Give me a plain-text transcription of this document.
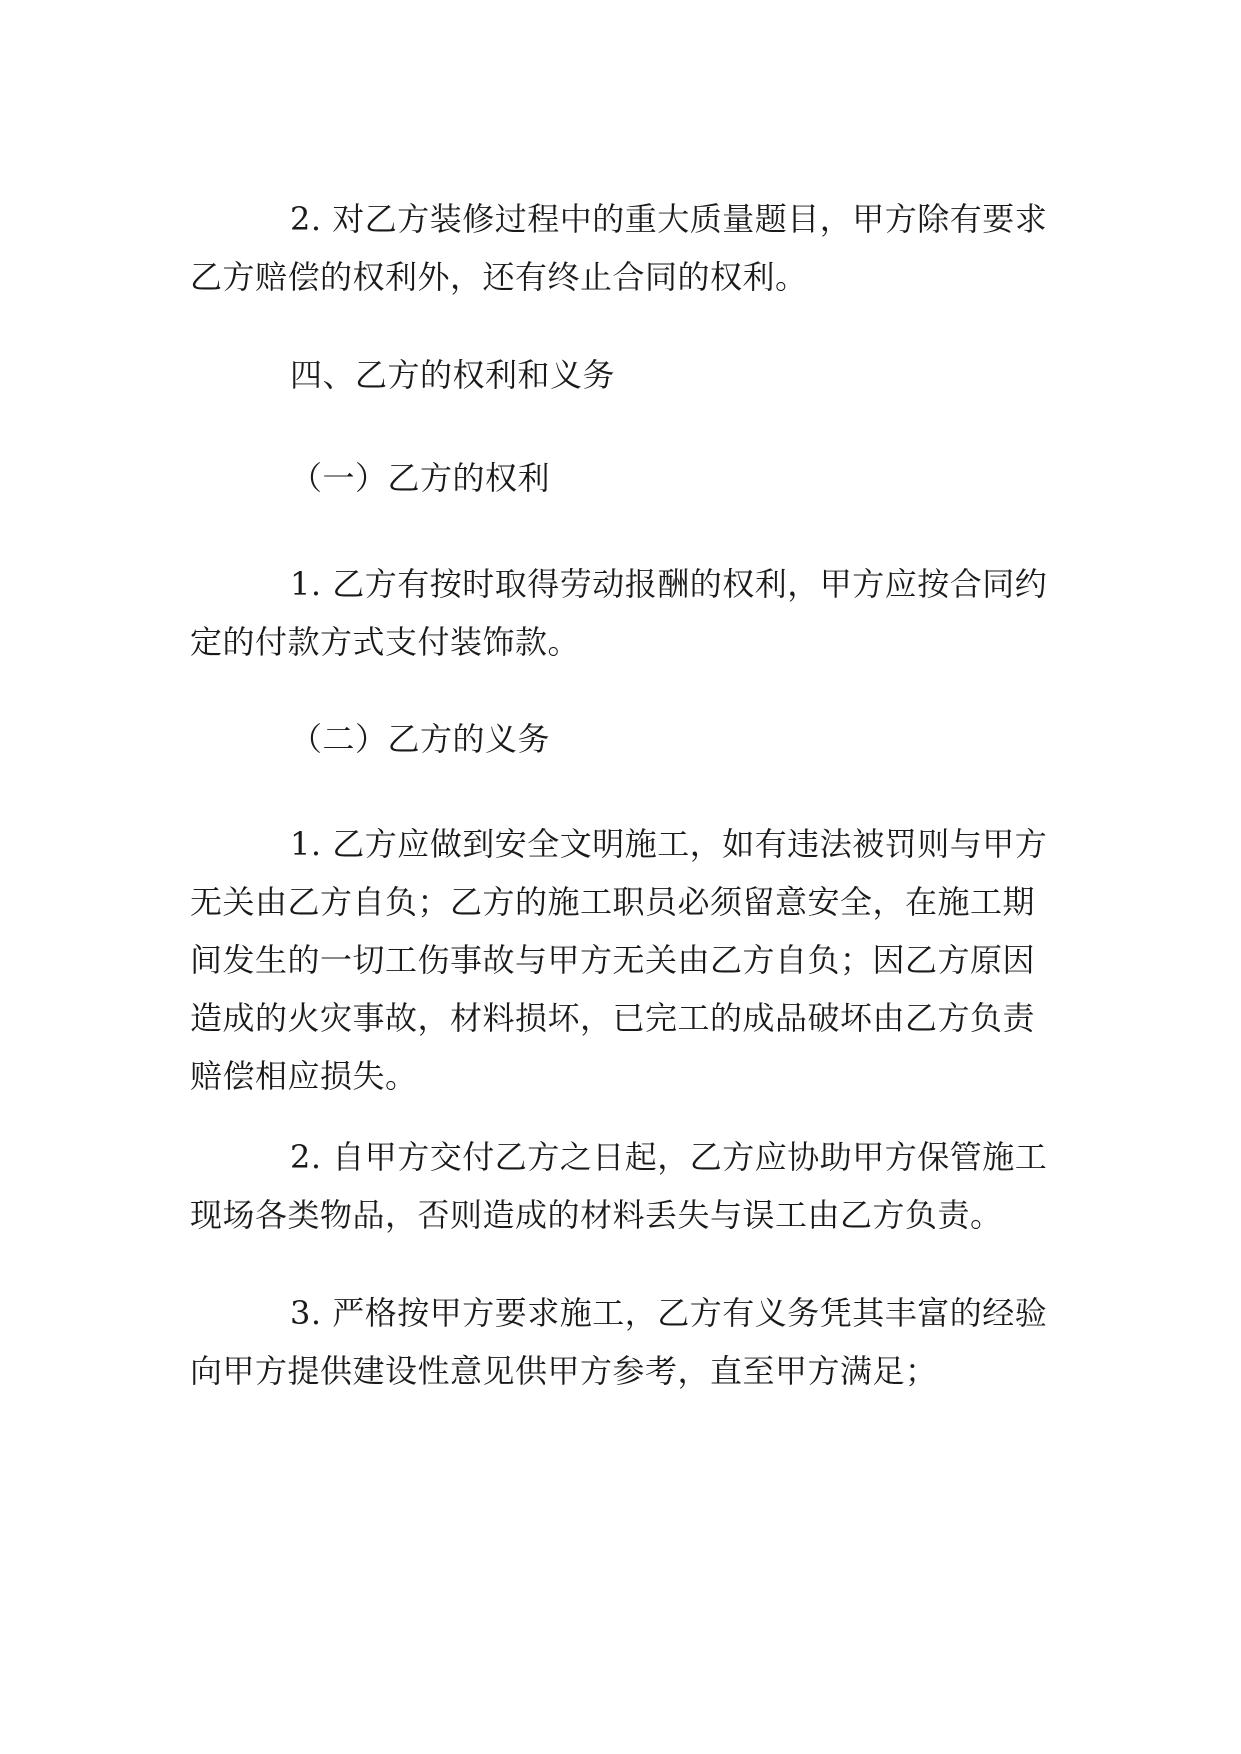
2. 对乙方装修过程中的重大质量题目，甲方除有要求
乙方赔偿的权利外，还有终止合同的权利。
四、乙方的权利和义务
（一）乙方的权利
1. 乙方有按时取得劳动报酬的权利，甲方应按合同约
定的付款方式支付装饰款。
（二）乙方的义务
1. 乙方应做到安全文明施工，如有违法被罚则与甲方
无关由乙方自负；乙方的施工职员必须留意安全，在施工期
间发生的一切工伤事故与甲方无关由乙方自负；因乙方原因
造成的火灾事故，材料损坏，已完工的成品破坏由乙方负责
赔偿相应损失。
2. 自甲方交付乙方之日起，乙方应协助甲方保管施工
现场各类物品，否则造成的材料丢失与误工由乙方负责。
3. 严格按甲方要求施工，乙方有义务凭其丰富的经验
向甲方提供建设性意见供甲方参考，直至甲方满足；
